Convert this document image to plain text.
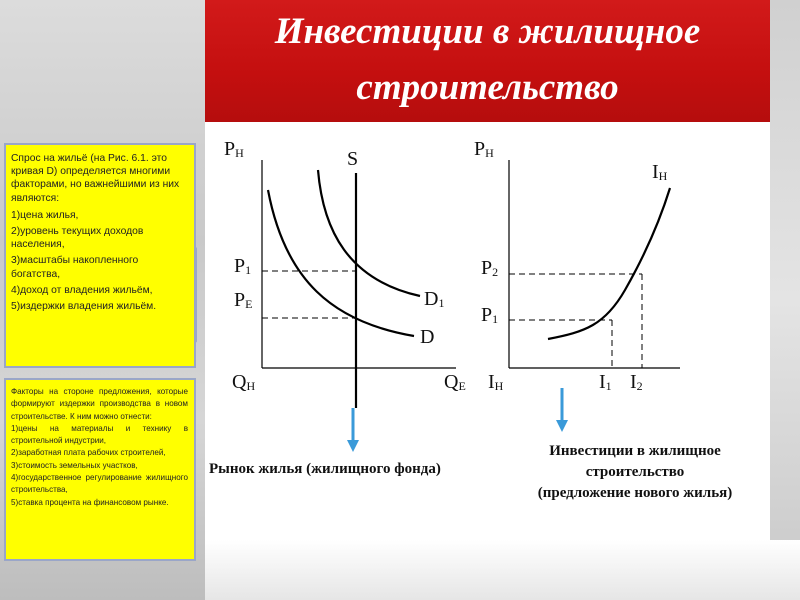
Инвестиции в жилищное
строительство

Спрос на жильё (на Рис. 6.1. это кривая D) определяется многими факторами, но важнейшими из них являются:

1)цена жилья,
2)уровень текущих доходов населения,
3)масштабы накопленного богатства,
4)доход от владения жильём,
5)издержки владения жильём.

Факторы на стороне предложения, которые формируют издержки производства в новом строительстве. К ним можно отнести:

1)цены на материалы и технику в строительной индустрии,
2)заработная плата рабочих строителей,
3)стоимость земельных участков,
4)государственное регулирование жилищного строительства,
5)ставка процента на финансовом рынке.
PH
QH
S
D1
D
P1
PE
QE
PH
IH
IH
P2
P1
I1 I2

Рынок жилья (жилищного фонда)

Инвестиции в жилищное
строительство
(предложение нового жилья)
